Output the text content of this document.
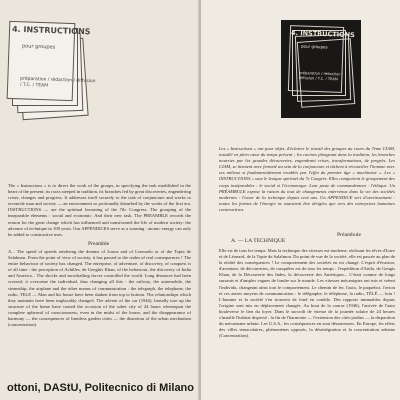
4. INSTRUCTIONS
pour groupes
préparation / rédaction / diffusion / T.C. / TEAM

The « Instructions » is to direct the work of the groups, in specifying the task established in the heart of the present; its roots steeped in tradition, its branches fed by great discoveries, engendering crises, changes and progress. It addresses itself securely to the task of conjuncture and works to reconcile man and society — an environment so profoundly disturbed by the works of the first era. INSTRUCTIONS — are the spiritual lessoning of the 7th. Congress. The grouping of the inseparable elements : social and economic. And their new task. The PREAMBLE records the reason for the great change which has influenced and transformed the life of modern society: the advance of technique in 100 years. Our APPENDICES serve as a warning : atomic energy can only be added to constructive uses.

Preamble

A... The speed of speeds rendering the dreams of Icarus and of Leonardo or of the Topia de Salalmon. From the point of view of society, it has passed to the realm of real consequences ! The entire behaviour of society has changed. The enterprise, of adventure, of discovery, of conquest is of all time : the perception of Achilles, de Genghis Khan, of the behaviour, the discovery of India and America... The shocks and snowballing forces controlled the world. Long distances had been crossed; it overcame the individual, thus changing all this : the railway, the automobile, the steamship, the airplane and the other means of communication : the telegraph, the telephone, the radio, TELE — Man and his house have been shaken from top to bottom. The relationships which they maintain have been implacably changed. The advent of the car (1946), brutally tore up the structure of the home have ceased the occasion of the sober city of 24 hours whereupon the complete upheaval of consciousness, even in the midst of the house, and the disappearance of harmony — the consequences of limitless garden cities — the distortion of the urban mechanism (concentration).

ottoni, DAStU, Politecnico di Milano
4. INSTRUCTIONS
pour groupes
préparation / rédaction / diffusion / T.C. / TEAM

Les « Instructions » ont pour objet, d'éclairer le travail des groupes au cours du 7ème CIAM, installé en plein cœur du temps présent ; les racines plongeant dans la tradition, les branches nourries par les grandes découvertes, engendrant crises, transformations, de progrès. Les CIAM, se tiennent avec fermeté au sein de la conjoncture et tâchent à réconcilier l'homme avec ses milieux si fondamentalement troublés par l'effet du premier âge « machiniste ». Les « INSTRUCTIONS » sont le lexique spirituel du 7e Congrès. Elles comportent le groupement des corps inséparables : le social et l'économique. Leur poste de commandement : l'éthique. Un PRÉAMBULE expose la raison du tout de changements intervenus dans la vie des sociétés modernes : l'essor de la technique depuis cent ans. Un APPENDICE sert d'avertissement : toutes les formes de l'énergie ne sauraient être dirigées que vers des entreprises humaines constructives.

Préambule
A. — LA TECHNIQUE

Elle est de tous les temps. Mais la technique des vitesses est moderne, réalisant les rêves d'Icare et de Léonard, de la Topie de Salalmon. Du point de vue de la société, elle est passée au plan de la réalité des conséquences ! Le comportement des sociétés en est changé. L'esprit d'évasion, d'aventure, de découvertes, de conquêtes est de tous les temps : l'expédition d'Attila, de Gengis Khan, de la Découverte des Indes, la découverte des Amériques... C'était comme de longs sursauts et d'amples vagues de fondre sur le monde. Les vitesses mécaniques ont mis et créent l'individu, changeant ainsi tout le comportement. Le chemin de fer, l'auto, le paquebot, l'avion et ces autres moyens de communication : le télégraphe, le téléphone, la radio, TÉLÉ — loin ! L'homme et la société s'en trouvent de fond en comble. Des rapports immuables depuis l'origine sont mis en déplacement changés. Au bout de la course (1946), l'arrivée de l'auto bouleverse le lien du foyer. Dans le surcroît de vitesse de la journée solaire de 24 heures s'installe l'habitat dispersé ; la fin de l'harmonie — l'extension des cités-jardins — la disparition du mécanisme urbain. Les U.S.A., les conséquences en sont désastreuses. En Europe, les effets des villes tentaculaires, phénomènes opposés, la désintégration et la concentration urbaine (Concentration).
